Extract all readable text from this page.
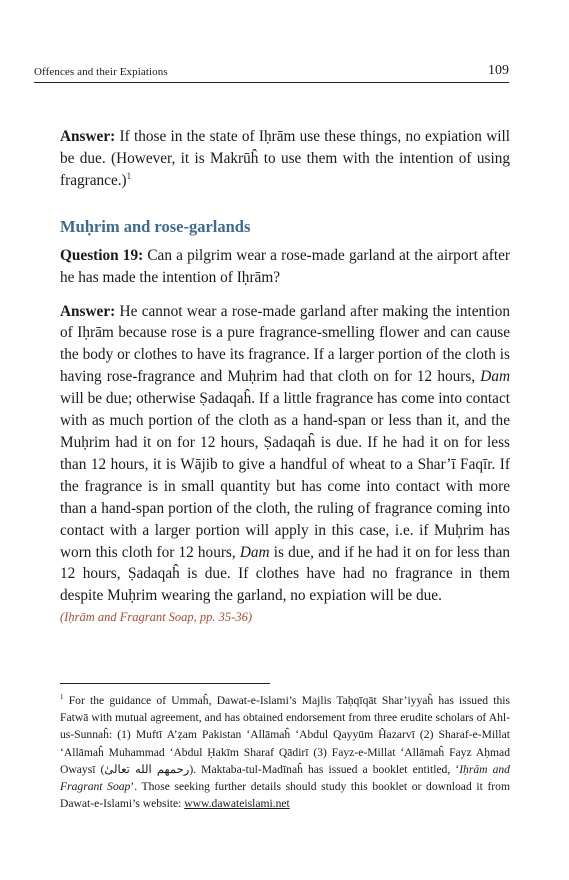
Offences and their Expiations	109

Answer: If those in the state of Iḥrām use these things, no expiation will be due. (However, it is Makrūĥ to use them with the intention of using fragrance.)$^1$

Muḥrim and rose-garlands

Question 19: Can a pilgrim wear a rose-made garland at the airport after he has made the intention of Iḥrām?

Answer: He cannot wear a rose-made garland after making the intention of Iḥrām because rose is a pure fragrance-smelling flower and can cause the body or clothes to have its fragrance. If a larger portion of the cloth is having rose-fragrance and Muḥrim had that cloth on for 12 hours, Dam will be due; otherwise Ṣadaqaĥ. If a little fragrance has come into contact with as much portion of the cloth as a hand-span or less than it, and the Muḥrim had it on for 12 hours, Ṣadaqaĥ is due. If he had it on for less than 12 hours, it is Wājib to give a handful of wheat to a Shar’ī Faqīr. If the fragrance is in small quantity but has come into contact with more than a hand-span portion of the cloth, the ruling of fragrance coming into contact with a larger portion will apply in this case, i.e. if Muḥrim has worn this cloth for 12 hours, Dam is due, and if he had it on for less than 12 hours, Ṣadaqaĥ is due. If clothes have had no fragrance in them despite Muḥrim wearing the garland, no expiation will be due.

(Iḥrām and Fragrant Soap, pp. 35-36)

$^1$ For the guidance of Ummaĥ, Dawat-e-Islami’s Majlis Taḥqīqāt Shar’iyyaĥ has issued this Fatwā with mutual agreement, and has obtained endorsement from three erudite scholars of Ahl-us-Sunnaĥ: (1) Muftī A’ẓam Pakistan ‘Allāmaĥ ‘Abdul Qayyūm Ĥazarvī (2) Sharaf-e-Millat ‘Allāmaĥ Muhammad ‘Abdul Ḥakīm Sharaf Qādirī (3) Fayz-e-Millat ‘Allāmaĥ Fayz Aḥmad Owaysī (رحمهم الله تعالىٰ). Maktaba-tul-Madīnaĥ has issued a booklet entitled, ‘Iḥrām and Fragrant Soap’. Those seeking further details should study this booklet or download it from Dawat-e-Islami’s website: www.dawateislami.net
